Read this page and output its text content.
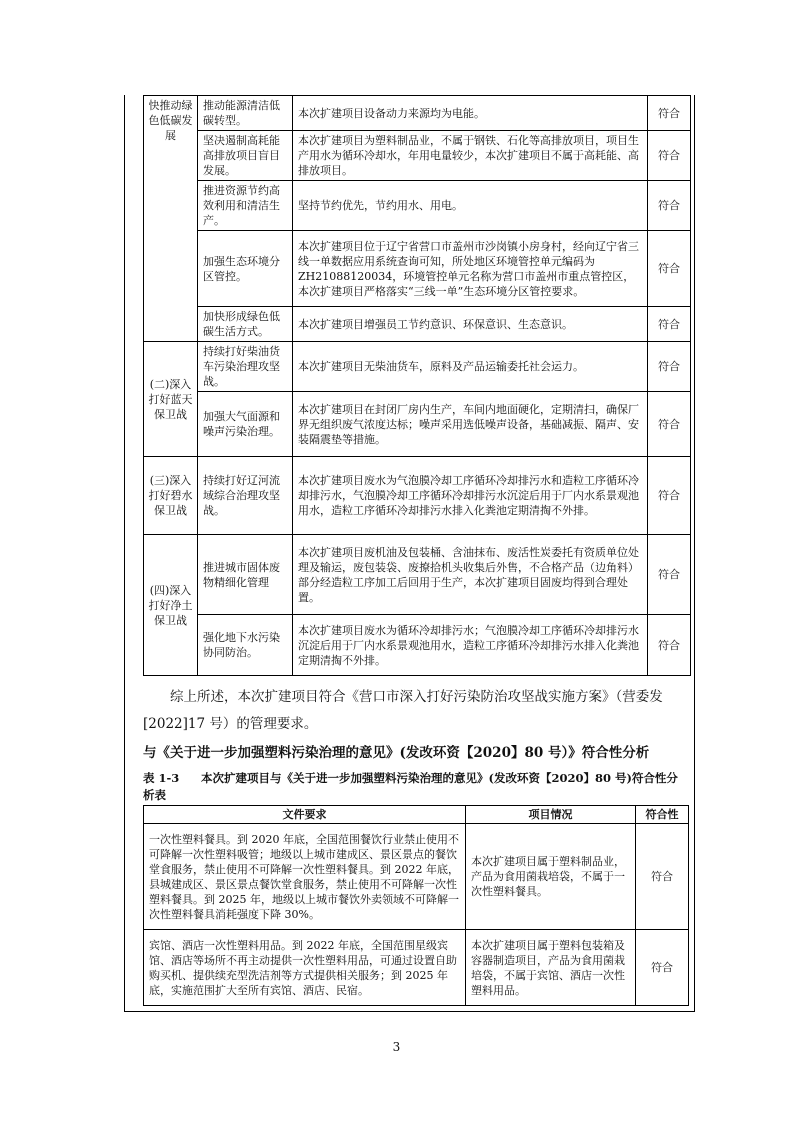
快推动绿色低碳发展	推动能源清洁低碳转型。	本次扩建项目设备动力来源均为电能。	符合
	坚决遏制高耗能高排放项目盲目发展。	本次扩建项目为塑料制品业，不属于钢铁、石化等高排放项目，项目生产用水为循环冷却水，年用电量较少，本次扩建项目不属于高耗能、高排放项目。	符合
	推进资源节约高效利用和清洁生产。	坚持节约优先，节约用水、用电。	符合
	加强生态环境分区管控。	本次扩建项目位于辽宁省营口市盖州市沙岗镇小房身村，经向辽宁省三线一单数据应用系统查询可知，所处地区环境管控单元编码为 ZH21088120034，环境管控单元名称为营口市盖州市重点管控区，本次扩建项目严格落实“三线一单”生态环境分区管控要求。	符合
	加快形成绿色低碳生活方式。	本次扩建项目增强员工节约意识、环保意识、生态意识。	符合
(二)深入打好蓝天保卫战	持续打好柴油货车污染治理攻坚战。	本次扩建项目无柴油货车，原料及产品运输委托社会运力。	符合
	加强大气面源和噪声污染治理。	本次扩建项目在封闭厂房内生产，车间内地面硬化，定期清扫，确保厂界无组织废气浓度达标；噪声采用选低噪声设备，基础减振、隔声、安装隔震垫等措施。	符合
(三)深入打好碧水保卫战	持续打好辽河流域综合治理攻坚战。	本次扩建项目废水为气泡膜冷却工序循环冷却排污水和造粒工序循环冷却排污水，气泡膜冷却工序循环冷却排污水沉淀后用于厂内水系景观池用水，造粒工序循环冷却排污水排入化粪池定期清掏不外排。	符合
(四)深入打好净土保卫战	推进城市固体废物精细化管理	本次扩建项目废机油及包装桶、含油抹布、废活性炭委托有资质单位处理及输运，废包装袋、废撩拾机头收集后外售，不合格产品（边角料）部分经造粒工序加工后回用于生产，本次扩建项目固废均得到合理处置。	符合
	强化地下水污染协同防治。	本次扩建项目废水为循环冷却排污水；气泡膜冷却工序循环冷却排污水沉淀后用于厂内水系景观池用水，造粒工序循环冷却排污水排入化粪池定期清掏不外排。	符合

综上所述，本次扩建项目符合《营口市深入打好污染防治攻坚战实施方案》（营委发[2022]17 号）的管理要求。

与《关于进一步加强塑料污染治理的意见》(发改环资【2020】80 号）》符合性分析
表 1-3 本次扩建项目与《关于进一步加强塑料污染治理的意见》(发改环资【2020】80 号)符合性分析表
文件要求	项目情况	符合性
一次性塑料餐具。到 2020 年底，全国范围餐饮行业禁止使用不可降解一次性塑料吸管；地级以上城市建成区、景区景点的餐饮堂食服务，禁止使用不可降解一次性塑料餐具。到 2022 年底，县城建成区、景区景点餐饮堂食服务，禁止使用不可降解一次性塑料餐具。到 2025 年，地级以上城市餐饮外卖领域不可降解一次性塑料餐具消耗强度下降 30%。	本次扩建项目属于塑料制品业，产品为食用菌栽培袋，不属于一次性塑料餐具。	符合
宾馆、酒店一次性塑料用品。到 2022 年底，全国范围星级宾馆、酒店等场所不再主动提供一次性塑料用品，可通过设置自助购买机、提供续充型洗洁剂等方式提供相关服务；到 2025 年底，实施范围扩大至所有宾馆、酒店、民宿。	本次扩建项目属于塑料包装箱及容器制造项目，产品为食用菌栽培袋，不属于宾馆、酒店一次性塑料用品。	符合
3
